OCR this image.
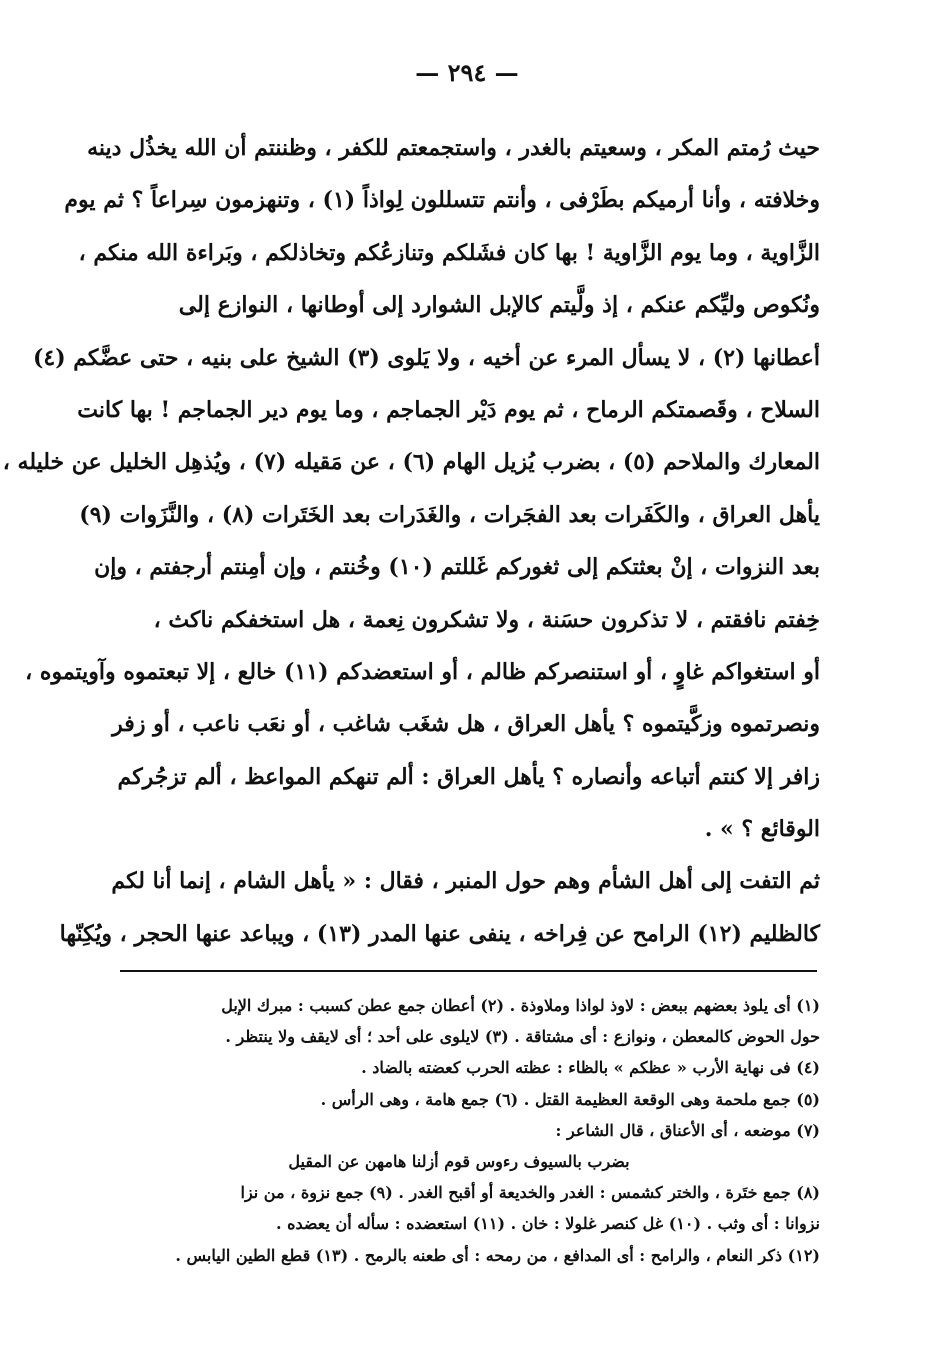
— ٢٩٤ —
حيث رُمتم المكر ، وسعيتم بالغدر ، واستجمعتم للكفر ، وظننتم أن الله يخذُل دينه
وخلافته ، وأنا أرميكم بطَرْفى ، وأنتم تتسللون لِواذاً (١) ، وتنهزمون سِراعاً ؟ ثم يوم
الزَّاوية ، وما يوم الزَّاوية ! بها كان فشَلكم وتنازعُكم وتخاذلكم ، وبَراءة الله منكم ،
ونُكوص وليِّكم عنكم ، إذ ولَّيتم كالإبل الشوارد إلى أوطانها ، النوازع إلى
أعطانها (٢) ، لا يسأل المرء عن أخيه ، ولا يَلوى (٣) الشيخ على بنيه ، حتى عضَّكم (٤)
السلاح ، وقَصمتكم الرماح ، ثم يوم دَيْر الجماجم ، وما يوم دير الجماجم ! بها كانت
المعارك والملاحم (٥) ، بضرب يُزيل الهام (٦) ، عن مَقيله (٧) ، ويُذهِل الخليل عن خليله ،
يأهل العراق ، والكَفَرات بعد الفجَرات ، والغَدَرات بعد الخَتَرات (٨) ، والنَّزَوات (٩)
بعد النزوات ، إنْ بعثتكم إلى ثغوركم غَللتم (١٠) وخُنتم ، وإن أمِنتم أرجفتم ، وإن
خِفتم نافقتم ، لا تذكرون حسَنة ، ولا تشكرون نِعمة ، هل استخفكم ناكث ،
أو استغواكم غاوٍ ، أو استنصركم ظالم ، أو استعضدكم (١١) خالع ، إلا تبعتموه وآويتموه ،
ونصرتموه وزكَّيتموه ؟ يأهل العراق ، هل شغَب شاغب ، أو نعَب ناعب ، أو زفر
زافر إلا كنتم أتباعه وأنصاره ؟ يأهل العراق : ألم تنهكم المواعظ ، ألم تزجُركم
الوقائع ؟ » .
ثم التفت إلى أهل الشأم وهم حول المنبر ، فقال : « يأهل الشام ، إنما أنا لكم
كالظليم (١٢) الرامح عن فِراخه ، ينفى عنها المدر (١٣) ، ويباعد عنها الحجر ، ويُكِنّها
(١) أى يلوذ بعضهم ببعض : لاوذ لواذا وملاوذة . (٢) أعطان جمع عطن كسبب : مبرك الإبل
حول الحوض كالمعطن ، ونوازع : أى مشتاقة . (٣) لايلوى على أحد ؛ أى لايقف ولا ينتظر .
(٤) فى نهاية الأرب « عظكم » بالظاء : عظته الحرب كعضته بالضاد .
(٥) جمع ملحمة وهى الوقعة العظيمة القتل . (٦) جمع هامة ، وهى الرأس .
(٧) موضعه ، أى الأعناق ، قال الشاعر :
بضرب بالسيوف رءوس قوم أزلنا هامهن عن المقيل
(٨) جمع ختَرة ، والختر كشمس : الغدر والخديعة أو أقبح الغدر . (٩) جمع نزوة ، من نزا
نزوانا : أى وثب . (١٠) غل كنصر غلولا : خان . (١١) استعضده : سأله أن يعضده .
(١٢) ذكر النعام ، والرامح : أى المدافع ، من رمحه : أى طعنه بالرمح . (١٣) قطع الطين اليابس .
